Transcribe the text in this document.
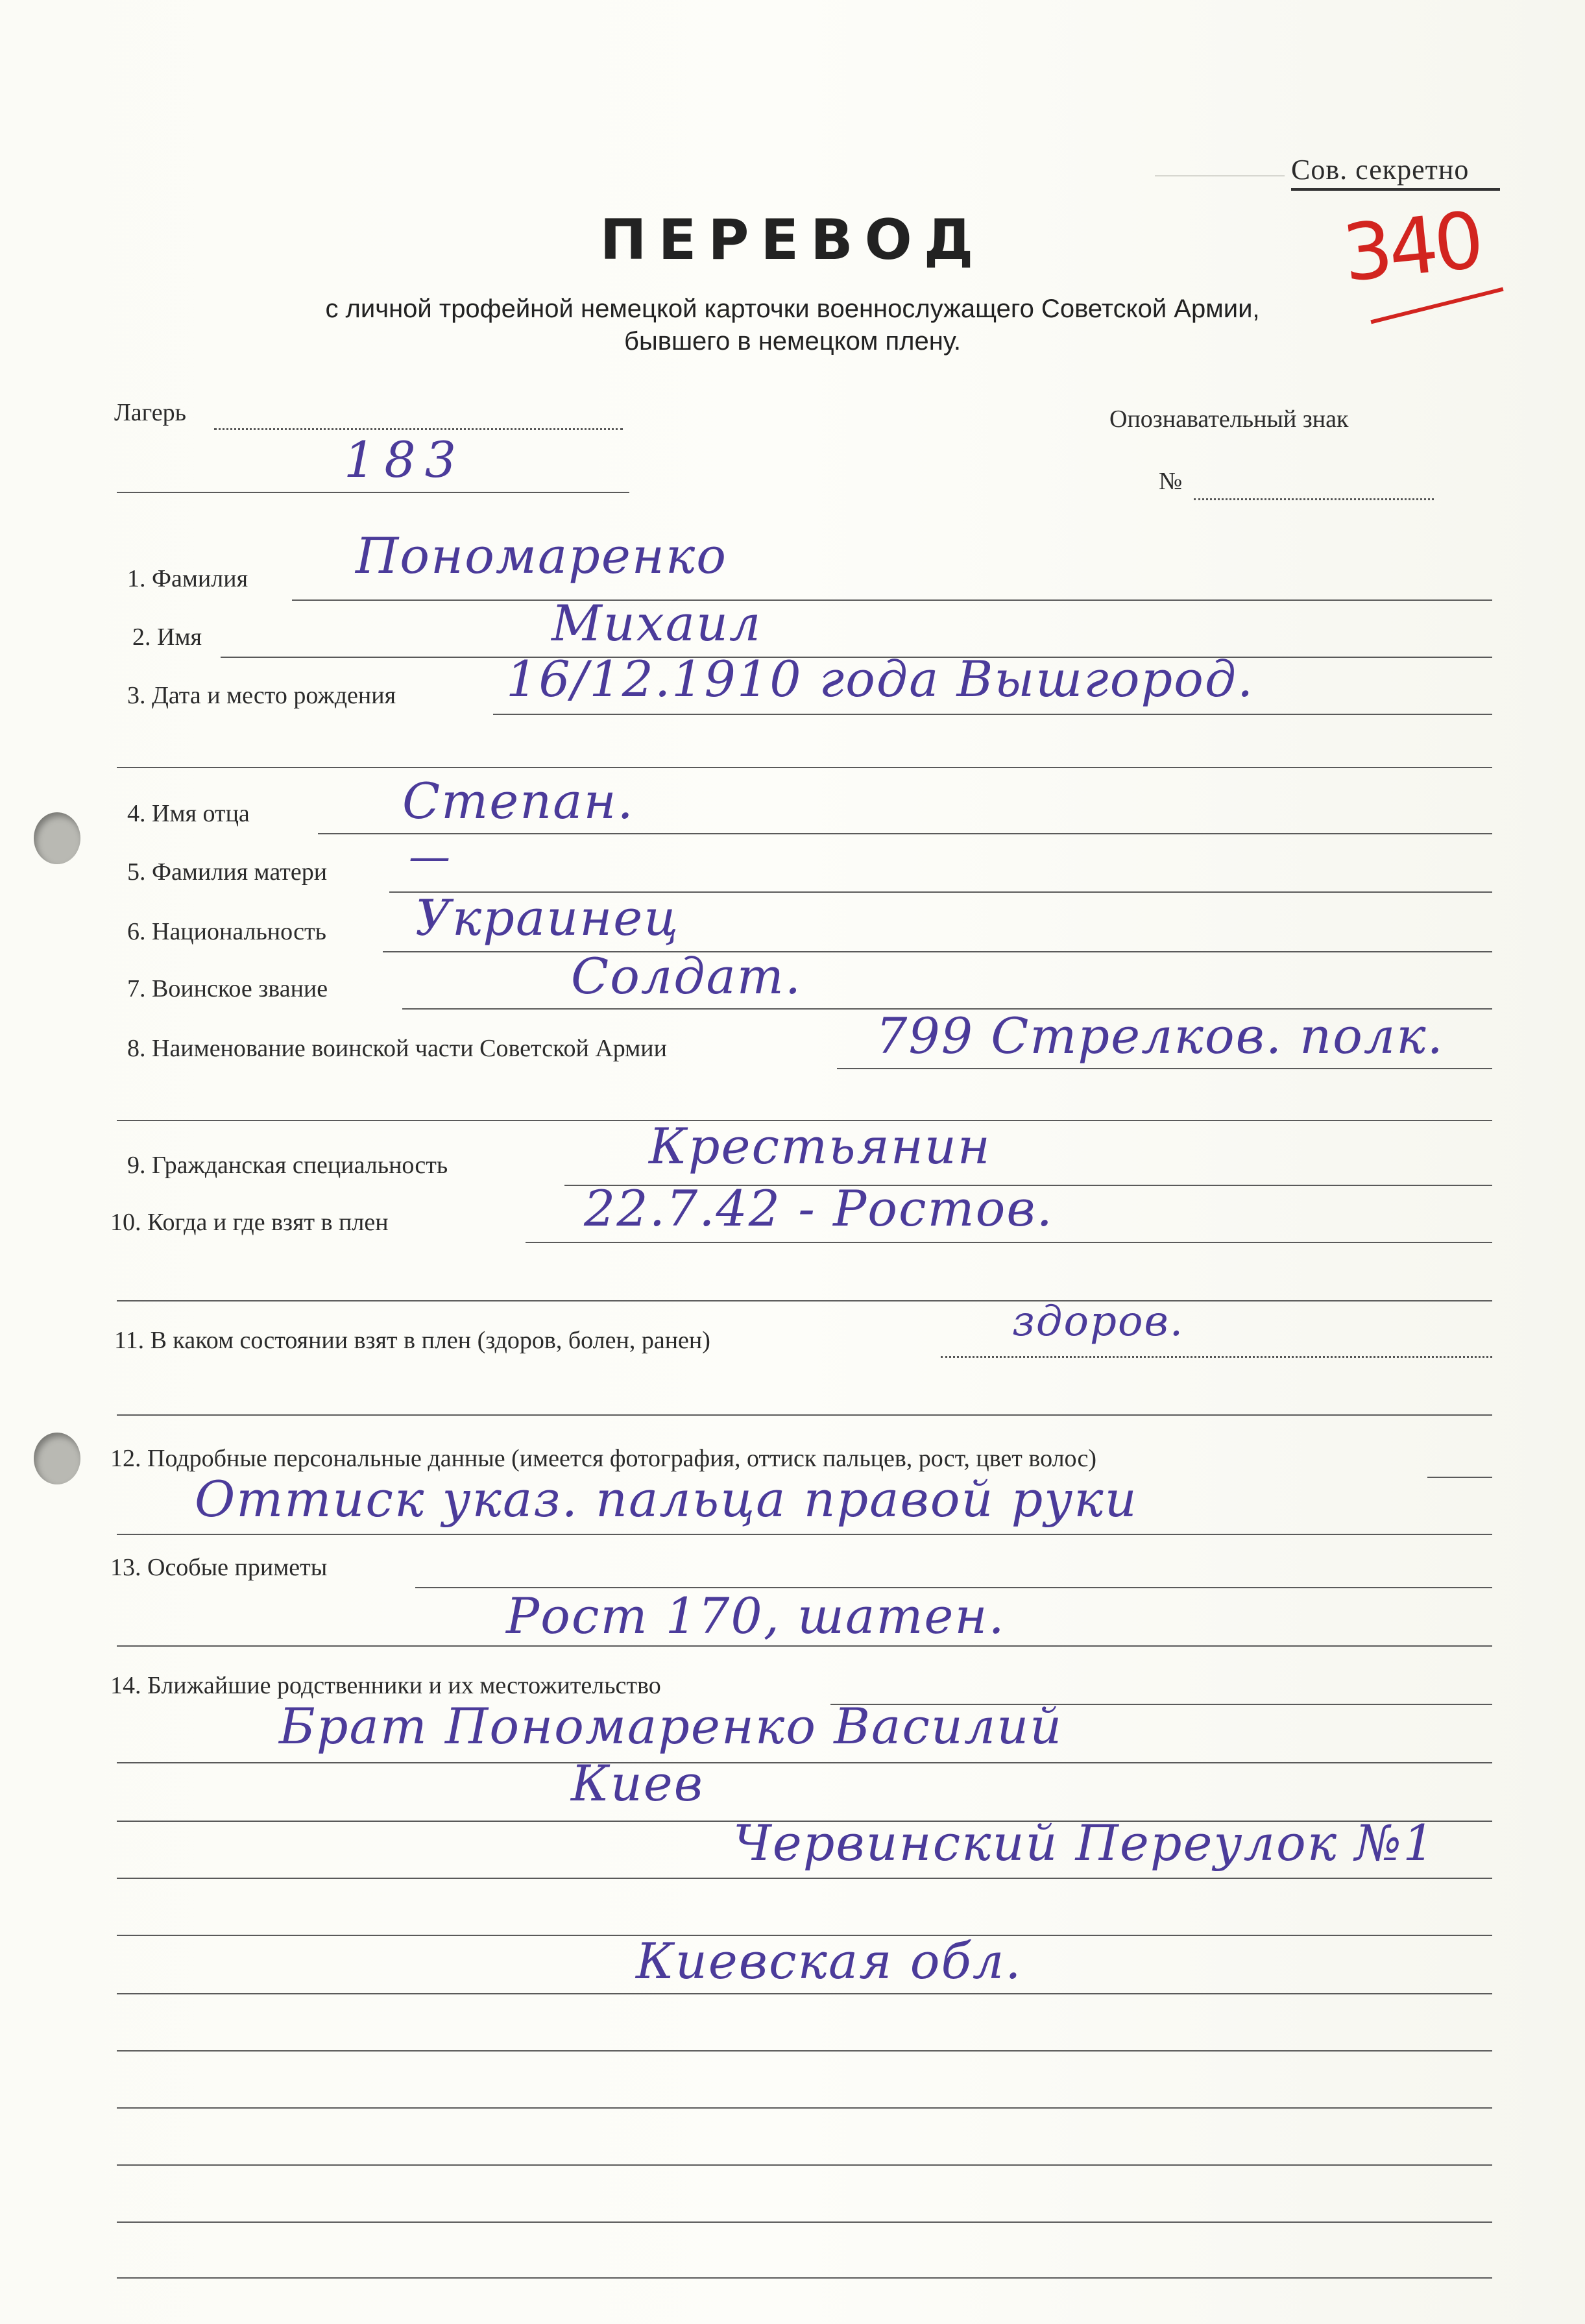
Сов. секретно
340
ПЕРЕВОД
с личной трофейной немецкой карточки военнослужащего Советской Армии,
бывшего в немецком плену.
Лагерь
183
Опознавательный знак
№
1. Фамилия Пономаренко
2. Имя	Михаил
3. Дата и место рождения 16/12.1910 года Вышгород.
4. Имя отца	Степан.
5. Фамилия матери —
6. Национальность Украинец
7. Воинское звание	Солдат.
8. Наименование воинской части Советской Армии	799 Стрелков. полк.
9. Гражданская специальность	Крестьянин
10. Когда и где взят в плен	22.7.42 - Ростов.
11. В каком состоянии взят в плен (здоров, болен, ранен)	здоров.
12. Подробные персональные данные (имеется фотография, оттиск пальцев, рост, цвет волос)
Оттиск указ. пальца правой руки
13. Особые приметы
Рост 170, шатен.
14. Ближайшие родственники и их местожительство
Брат Пономаренко Василий
Киев
Червинский Переулок №1
Киевская обл.
